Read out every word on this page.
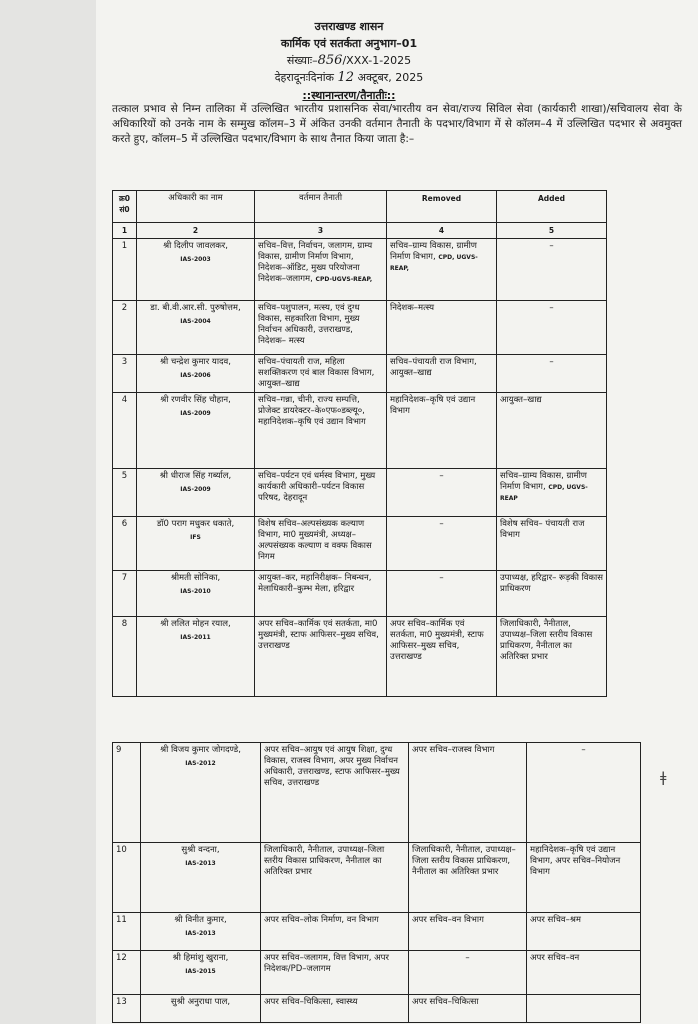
उत्तराखण्ड शासन
कार्मिक एवं सतर्कता अनुभाग–01
संख्याः–856/XXX-1-2025
देहरादूनःदिनांक 12 अक्टूबर, 2025
::स्थानान्तरण/तैनातीः::
तत्काल प्रभाव से निम्न तालिका में उल्लिखित भारतीय प्रशासनिक सेवा/भारतीय वन सेवा/राज्य सिविल सेवा (कार्यकारी शाखा)/सचिवालय सेवा के अधिकारियों को उनके नाम के सम्मुख कॉलम–3 में अंकित उनकी वर्तमान तैनाती के पदभार/विभाग में से कॉलम–4 में उल्लिखित पदभार से अवमुक्त करते हुए, कॉलम–5 में उल्लिखित पदभार/विभाग के साथ तैनात किया जाता है:–
क्र0 सं0	अधिकारी का नाम	वर्तमान तैनाती	Removed	Added
1	2	3	4	5
1	श्री दिलीप जावलकर,
IAS-2003	सचिव–वित्त, निर्वाचन, जलागम, ग्राम्य विकास, ग्रामीण निर्माण विभाग, निदेशक–ऑडिट, मुख्य परियोजना निदेशक–जलागम, CPD-UGVS-REAP,	सचिव–ग्राम्य विकास, ग्रामीण निर्माण विभाग, CPD, UGVS-REAP,	–
2	डा. बी.वी.आर.सी. पुरुषोत्तम,
IAS-2004	सचिव–पशुपालन, मत्स्य, एवं दुग्ध विकास, सहकारिता विभाग, मुख्य निर्वाचन अधिकारी, उत्तराखण्ड, निदेशक– मत्स्य	निदेशक–मत्स्य	–
3	श्री चन्द्रेश कुमार यादव,
IAS-2006	सचिव–पंचायती राज, महिला सशक्तिकरण एवं बाल विकास विभाग, आयुक्त–खाद्य	सचिव–पंचायती राज विभाग, आयुक्त–खाद्य	–
4	श्री रणवीर सिंह चौहान,
IAS-2009	सचिव–गन्ना, चीनी, राज्य सम्पत्ति, प्रोजेक्ट डायरेक्टर–के०एफ०डब्ल्यू०, महानिदेशक–कृषि एवं उद्यान विभाग	महानिदेशक–कृषि एवं उद्यान विभाग	आयुक्त–खाद्य
5	श्री धीराज सिंह गर्ब्याल,
IAS-2009	सचिव–पर्यटन एवं धर्मस्व विभाग, मुख्य कार्यकारी अधिकारी–पर्यटन विकास परिषद, देहरादून	–	सचिव–ग्राम्य विकास, ग्रामीण निर्माण विभाग, CPD, UGVS-REAP
6	डॉ0 पराग मधुकर धकाते,
IFS	विशेष सचिव–अल्पसंख्यक कल्याण विभाग, मा0 मुख्यमंत्री, अध्यक्ष– अल्पसंख्यक कल्याण व वक्फ विकास निगम	–	विशेष सचिव– पंचायती राज विभाग
7	श्रीमती सोनिका,
IAS-2010	आयुक्त–कर, महानिरीक्षक– निबन्धन, मेलाधिकारी–कुम्भ मेला, हरिद्वार	–	उपाध्यक्ष, हरिद्वार– रूड़की विकास प्राधिकरण
8	श्री ललित मोहन रयाल,
IAS-2011	अपर सचिव–कार्मिक एवं सतर्कता, मा0 मुख्यमंत्री, स्टाफ आफिसर–मुख्य सचिव, उत्तराखण्ड	अपर सचिव–कार्मिक एवं सतर्कता, मा0 मुख्यमंत्री, स्टाफ आफिसर–मुख्य सचिव, उत्तराखण्ड	जिलाधिकारी, नैनीताल, उपाध्यक्ष–जिला स्तरीय विकास प्राधिकरण, नैनीताल का अतिरिक्त प्रभार
9	श्री विजय कुमार जोगदण्डे,
IAS-2012	अपर सचिव–आयुष एवं आयुष शिक्षा, दुग्ध विकास, राजस्व विभाग, अपर मुख्य निर्वाचन अधिकारी, उत्तराखण्ड, स्टाफ आफिसर–मुख्य सचिव, उत्तराखण्ड	अपर सचिव–राजस्व विभाग	–
10	सुश्री वन्दना,
IAS-2013	जिलाधिकारी, नैनीताल, उपाध्यक्ष–जिला स्तरीय विकास प्राधिकरण, नैनीताल का अतिरिक्त प्रभार	जिलाधिकारी, नैनीताल, उपाध्यक्ष–जिला स्तरीय विकास प्राधिकरण, नैनीताल का अतिरिक्त प्रभार	महानिदेशक–कृषि एवं उद्यान विभाग, अपर सचिव–नियोजन विभाग
11	श्री विनीत कुमार,
IAS-2013	अपर सचिव–लोक निर्माण, वन विभाग	अपर सचिव–वन विभाग	अपर सचिव–श्रम
12	श्री हिमांशु खुराना,
IAS-2015	अपर सचिव–जलागम, वित्त विभाग, अपर निदेशक/PD–जलागम	–	अपर सचिव–वन
13	सुश्री अनुराधा पाल,	अपर सचिव–चिकित्सा, स्वास्थ्य	अपर सचिव–चिकित्सा	
ǂ
